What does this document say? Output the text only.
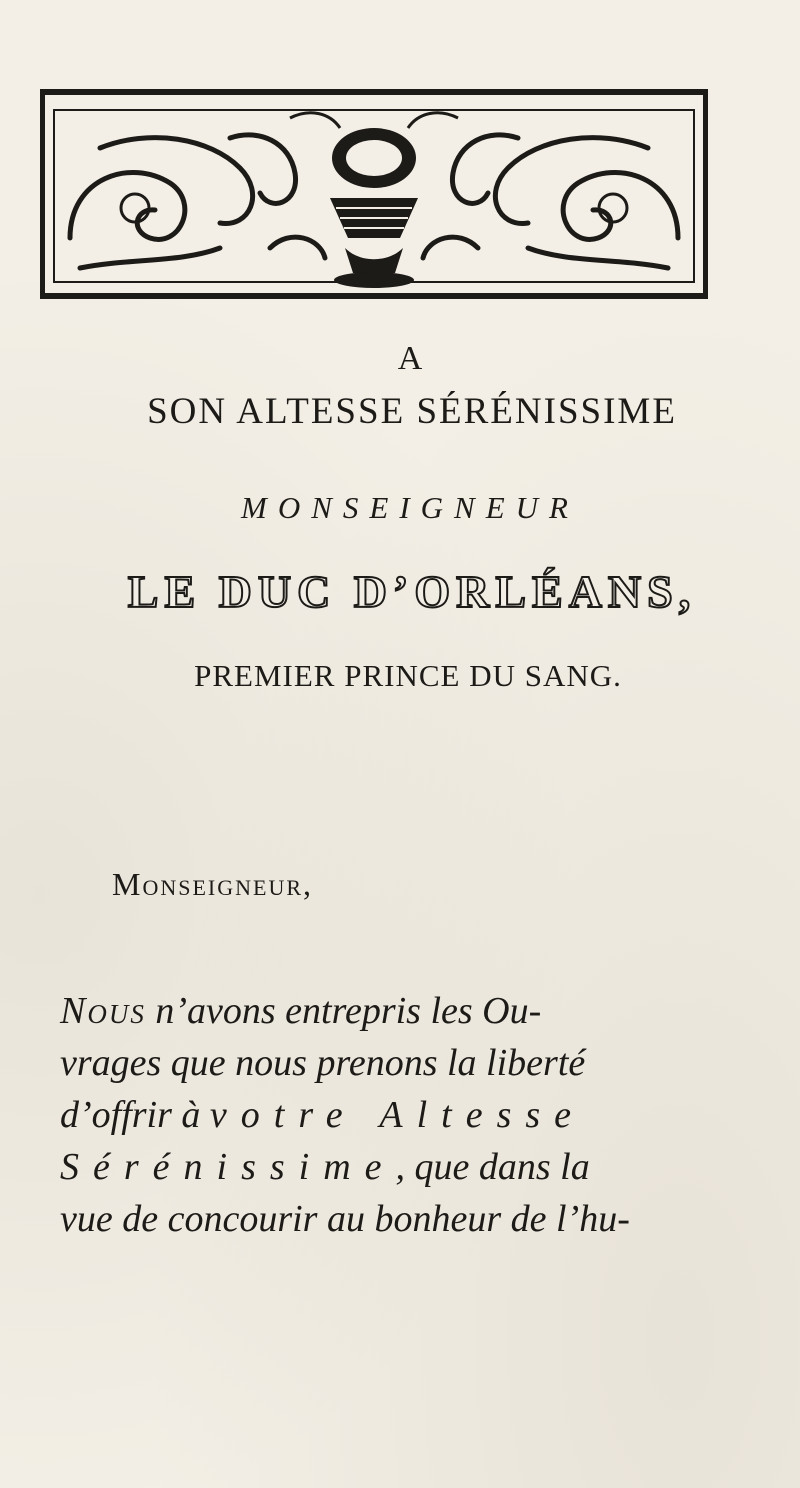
A
SON ALTESSE SÉRÉNISSIME
MONSEIGNEUR
LE DUC D’ORLÉANS,
PREMIER PRINCE DU SANG.
Monseigneur,
Nous n’avons entrepris les Ou-
vrages que nous prenons la liberté
d’offrir à votre Altesse
Sérénissime, que dans la
vue de concourir au bonheur de l’hu-
